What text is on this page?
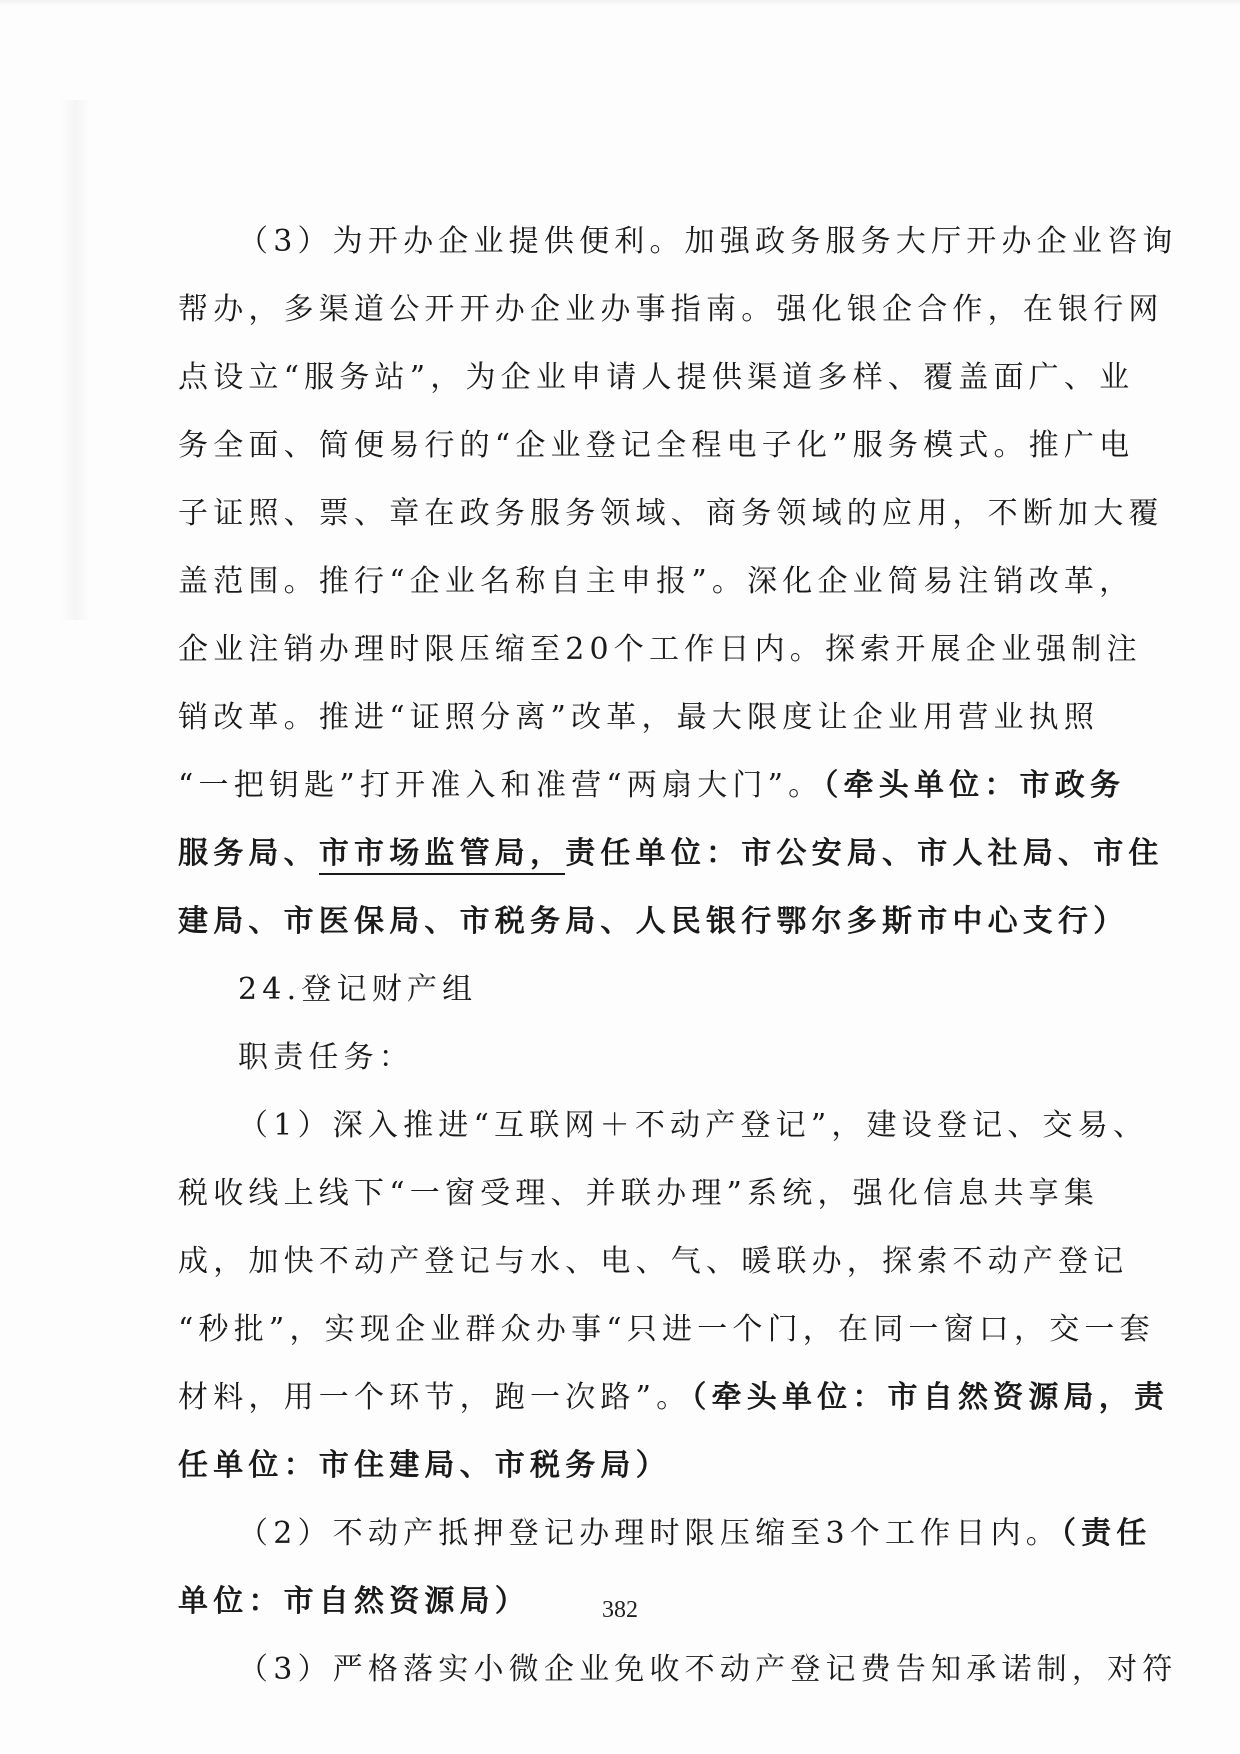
（3）为开办企业提供便利。加强政务服务大厅开办企业咨询
帮办，多渠道公开开办企业办事指南。强化银企合作，在银行网
点设立“服务站”，为企业申请人提供渠道多样、覆盖面广、业
务全面、简便易行的“企业登记全程电子化”服务模式。推广电
子证照、票、章在政务服务领域、商务领域的应用，不断加大覆
盖范围。推行“企业名称自主申报”。深化企业简易注销改革，
企业注销办理时限压缩至20个工作日内。探索开展企业强制注
销改革。推进“证照分离”改革，最大限度让企业用营业执照
“一把钥匙”打开准入和准营“两扇大门”。（牵头单位：市政务
服务局、市市场监管局，责任单位：市公安局、市人社局、市住
建局、市医保局、市税务局、人民银行鄂尔多斯市中心支行）
24.登记财产组
职责任务：
（1）深入推进“互联网＋不动产登记”，建设登记、交易、
税收线上线下“一窗受理、并联办理”系统，强化信息共享集
成，加快不动产登记与水、电、气、暖联办，探索不动产登记
“秒批”，实现企业群众办事“只进一个门，在同一窗口，交一套
材料，用一个环节，跑一次路”。（牵头单位：市自然资源局，责
任单位：市住建局、市税务局）
（2）不动产抵押登记办理时限压缩至3个工作日内。（责任
单位：市自然资源局）
（3）严格落实小微企业免收不动产登记费告知承诺制，对符
382
